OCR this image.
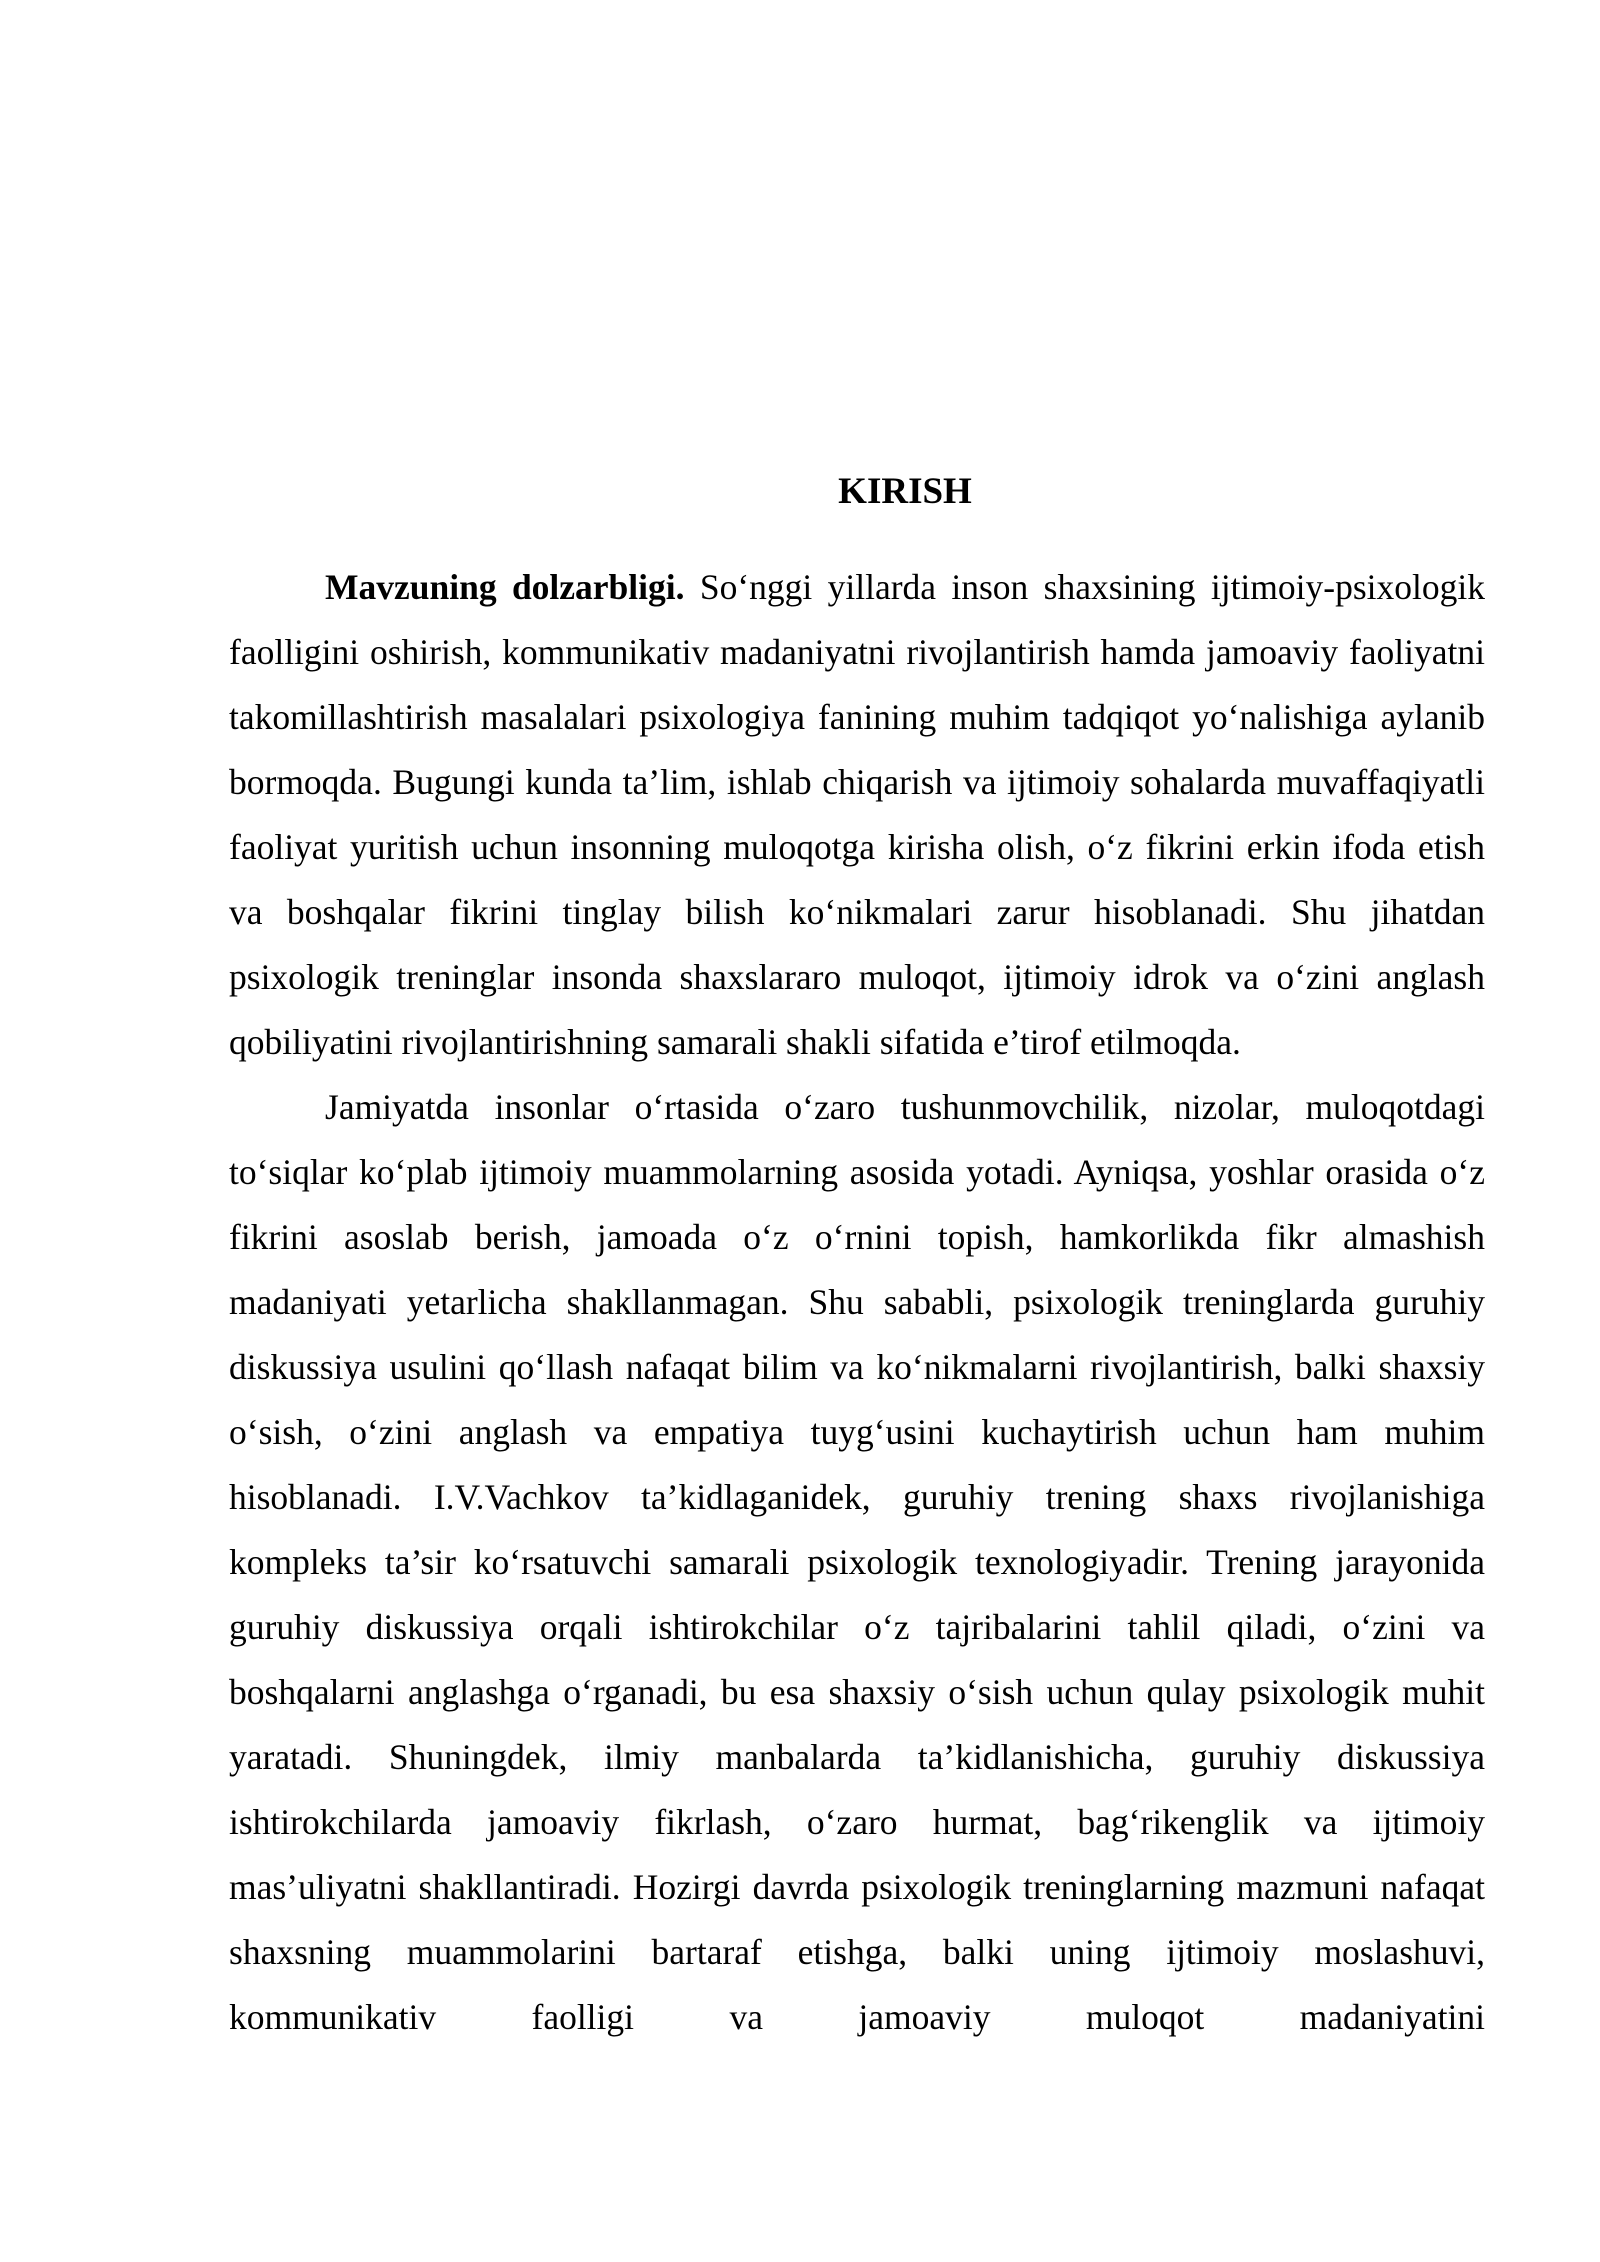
KIRISH

Mavzuning dolzarbligi. So‘nggi yillarda inson shaxsining ijtimoiy-psixologik faolligini oshirish, kommunikativ madaniyatni rivojlantirish hamda jamoaviy faoliyatni takomillashtirish masalalari psixologiya fanining muhim tadqiqot yo‘nalishiga aylanib bormoqda. Bugungi kunda ta’lim, ishlab chiqarish va ijtimoiy sohalarda muvaffaqiyatli faoliyat yuritish uchun insonning muloqotga kirisha olish, o‘z fikrini erkin ifoda etish va boshqalar fikrini tinglay bilish ko‘nikmalari zarur hisoblanadi. Shu jihatdan psixologik treninglar insonda shaxslararo muloqot, ijtimoiy idrok va o‘zini anglash qobiliyatini rivojlantirishning samarali shakli sifatida e’tirof etilmoqda.

Jamiyatda insonlar o‘rtasida o‘zaro tushunmovchilik, nizolar, muloqotdagi to‘siqlar ko‘plab ijtimoiy muammolarning asosida yotadi. Ayniqsa, yoshlar orasida o‘z fikrini asoslab berish, jamoada o‘z o‘rnini topish, hamkorlikda fikr almashish madaniyati yetarlicha shakllanmagan. Shu sababli, psixologik treninglarda guruhiy diskussiya usulini qo‘llash nafaqat bilim va ko‘nikmalarni rivojlantirish, balki shaxsiy o‘sish, o‘zini anglash va empatiya tuyg‘usini kuchaytirish uchun ham muhim hisoblanadi. I.V.Vachkov ta’kidlaganidek, guruhiy trening shaxs rivojlanishiga kompleks ta’sir ko‘rsatuvchi samarali psixologik texnologiyadir. Trening jarayonida guruhiy diskussiya orqali ishtirokchilar o‘z tajribalarini tahlil qiladi, o‘zini va boshqalarni anglashga o‘rganadi, bu esa shaxsiy o‘sish uchun qulay psixologik muhit yaratadi. Shuningdek, ilmiy manbalarda ta’kidlanishicha, guruhiy diskussiya ishtirokchilarda jamoaviy fikrlash, o‘zaro hurmat, bag‘rikenglik va ijtimoiy mas’uliyatni shakllantiradi. Hozirgi davrda psixologik treninglarning mazmuni nafaqat shaxsning muammolarini bartaraf etishga, balki uning ijtimoiy moslashuvi, kommunikativ faolligi va jamoaviy muloqot madaniyatini
